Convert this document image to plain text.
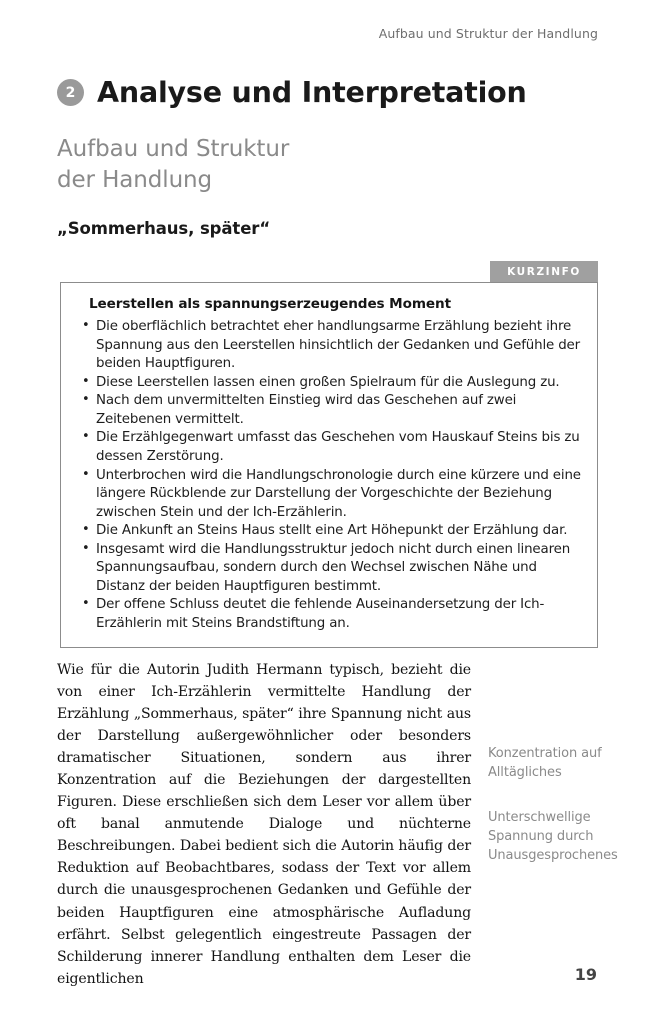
Aufbau und Struktur der Handlung
2 Analyse und Interpretation
Aufbau und Struktur
der Handlung
„Sommerhaus, später“
KURZINFO
Leerstellen als spannungserzeugendes Moment
• Die oberflächlich betrachtet eher handlungsarme Erzählung bezieht ihre Spannung aus den Leerstellen hinsichtlich der Gedanken und Gefühle der beiden Hauptfiguren.
• Diese Leerstellen lassen einen großen Spielraum für die Auslegung zu.
• Nach dem unvermittelten Einstieg wird das Geschehen auf zwei Zeitebenen vermittelt.
• Die Erzählgegenwart umfasst das Geschehen vom Hauskauf Steins bis zu dessen Zerstörung.
• Unterbrochen wird die Handlungschronologie durch eine kürzere und eine längere Rückblende zur Darstellung der Vorgeschichte der Beziehung zwischen Stein und der Ich-Erzählerin.
• Die Ankunft an Steins Haus stellt eine Art Höhepunkt der Erzählung dar.
• Insgesamt wird die Handlungsstruktur jedoch nicht durch einen linearen Spannungsaufbau, sondern durch den Wechsel zwischen Nähe und Distanz der beiden Hauptfiguren bestimmt.
• Der offene Schluss deutet die fehlende Auseinandersetzung der Ich-Erzählerin mit Steins Brandstiftung an.

Wie für die Autorin Judith Hermann typisch, bezieht die von einer Ich-Erzählerin vermittelte Handlung der Erzählung „Sommerhaus, später“ ihre Spannung nicht aus der Darstellung außergewöhnlicher oder besonders dramatischer Situationen, sondern aus ihrer Konzentration auf die Beziehungen der dargestellten Figuren. Diese erschließen sich dem Leser vor allem über oft banal anmutende Dialoge und nüchterne Beschreibungen. Dabei bedient sich die Autorin häufig der Reduktion auf Beobachtbares, sodass der Text vor allem durch die unausgesprochenen Gedanken und Gefühle der beiden Hauptfiguren eine atmosphärische Aufladung erfährt. Selbst gelegentlich eingestreute Passagen der Schilderung innerer Handlung enthalten dem Leser die eigentlichen

Konzentration auf Alltägliches
Unterschwellige Spannung durch Unausgesprochenes
19
